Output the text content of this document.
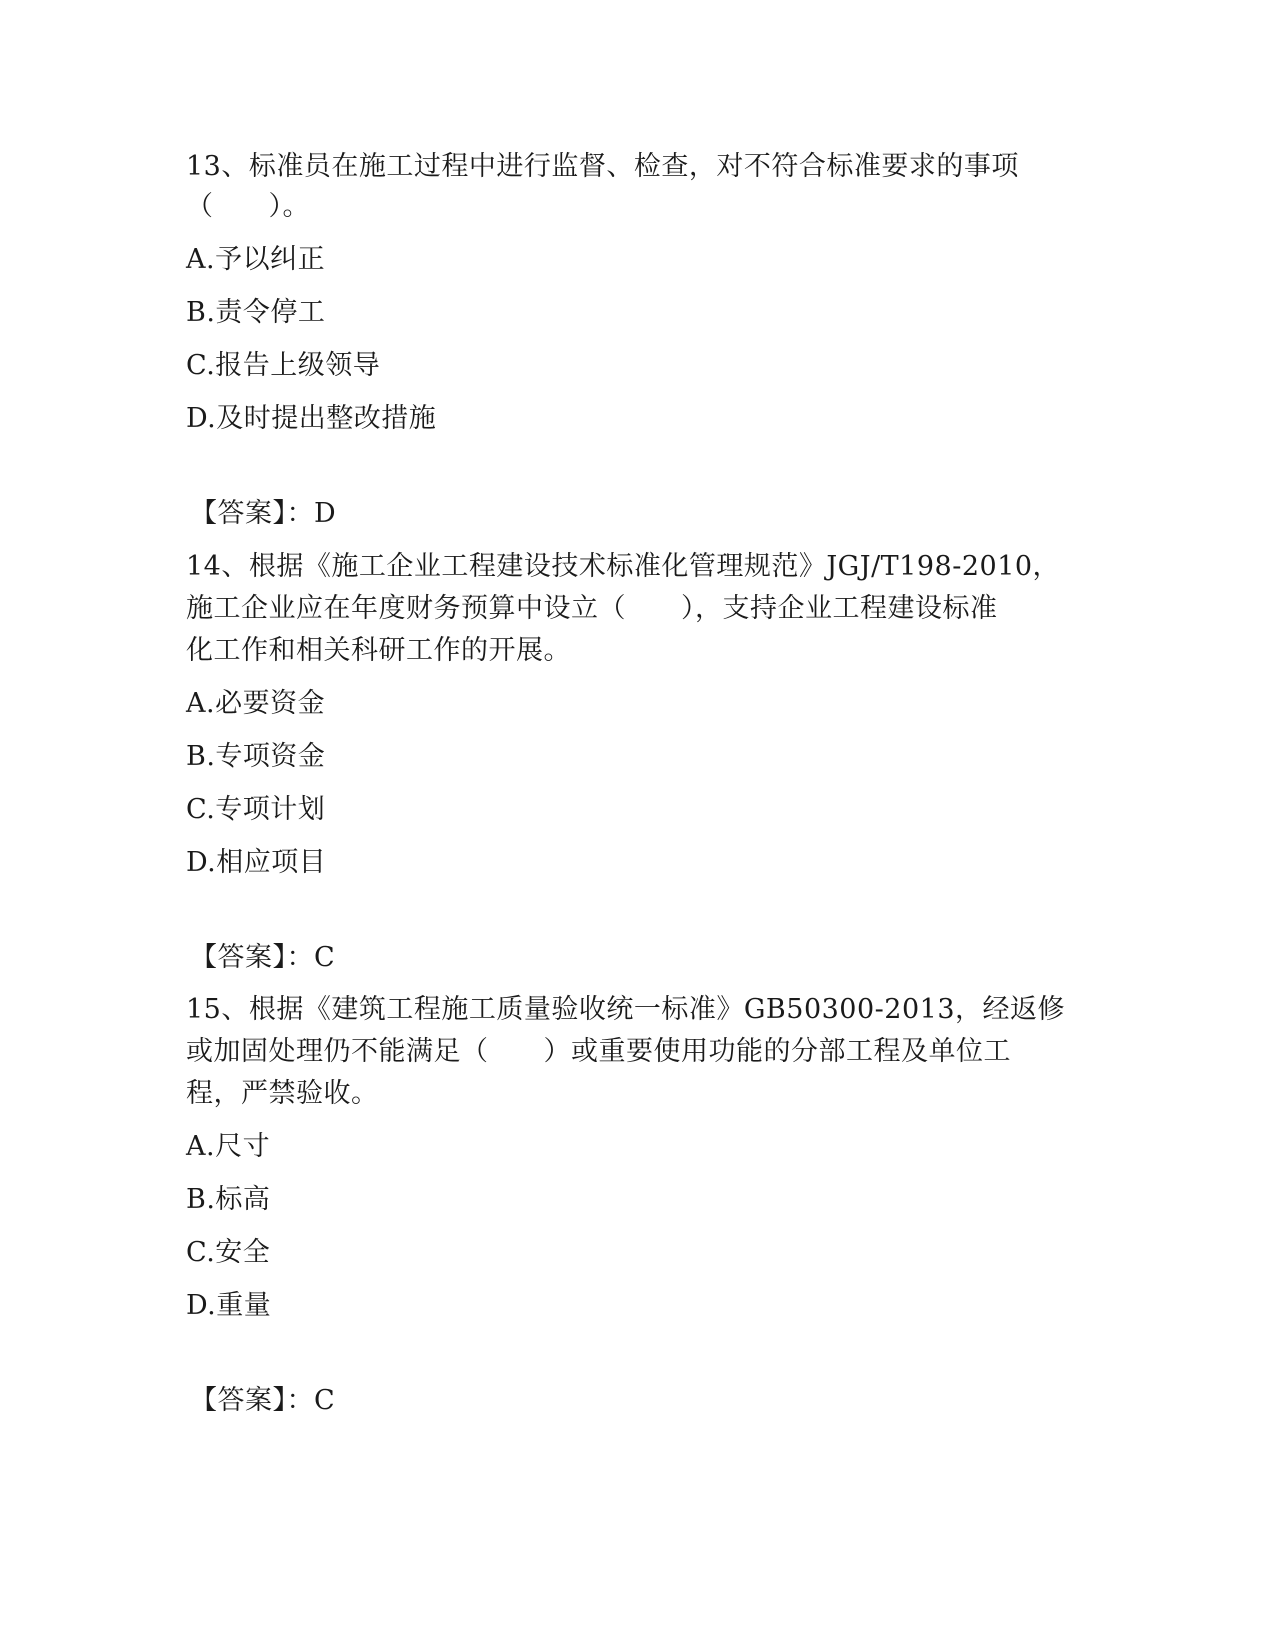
13、标准员在施工过程中进行监督、检查，对不符合标准要求的事项
（　　）。
A.予以纠正
B.责令停工
C.报告上级领导
D.及时提出整改措施
【答案】：D
14、根据《施工企业工程建设技术标准化管理规范》JGJ/T198-2010，
施工企业应在年度财务预算中设立（　　），支持企业工程建设标准
化工作和相关科研工作的开展。
A.必要资金
B.专项资金
C.专项计划
D.相应项目
【答案】：C
15、根据《建筑工程施工质量验收统一标准》GB50300-2013，经返修
或加固处理仍不能满足（　　）或重要使用功能的分部工程及单位工
程，严禁验收。
A.尺寸
B.标高
C.安全
D.重量
【答案】：C
